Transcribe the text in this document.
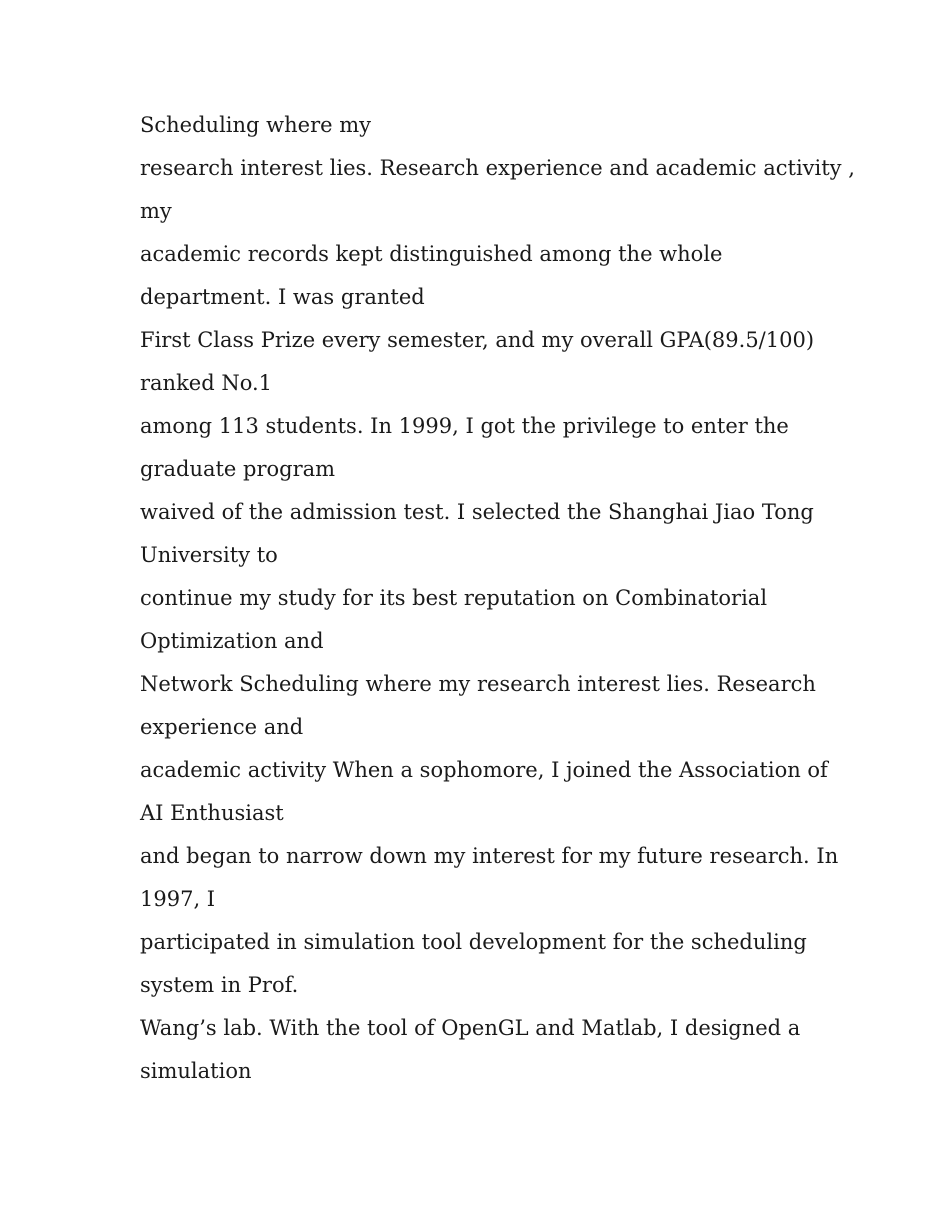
Scheduling where my
research interest lies. Research experience and academic activity ,
my
academic records kept distinguished among the whole
department. I was granted
First Class Prize every semester, and my overall GPA(89.5/100)
ranked No.1
among 113 students. In 1999, I got the privilege to enter the
graduate program
waived of the admission test. I selected the Shanghai Jiao Tong
University to
continue my study for its best reputation on Combinatorial
Optimization and
Network Scheduling where my research interest lies. Research
experience and
academic activity When a sophomore, I joined the Association of
AI Enthusiast
and began to narrow down my interest for my future research. In
1997, I
participated in simulation tool development for the scheduling
system in Prof.
Wang’s lab. With the tool of OpenGL and Matlab, I designed a
simulation
